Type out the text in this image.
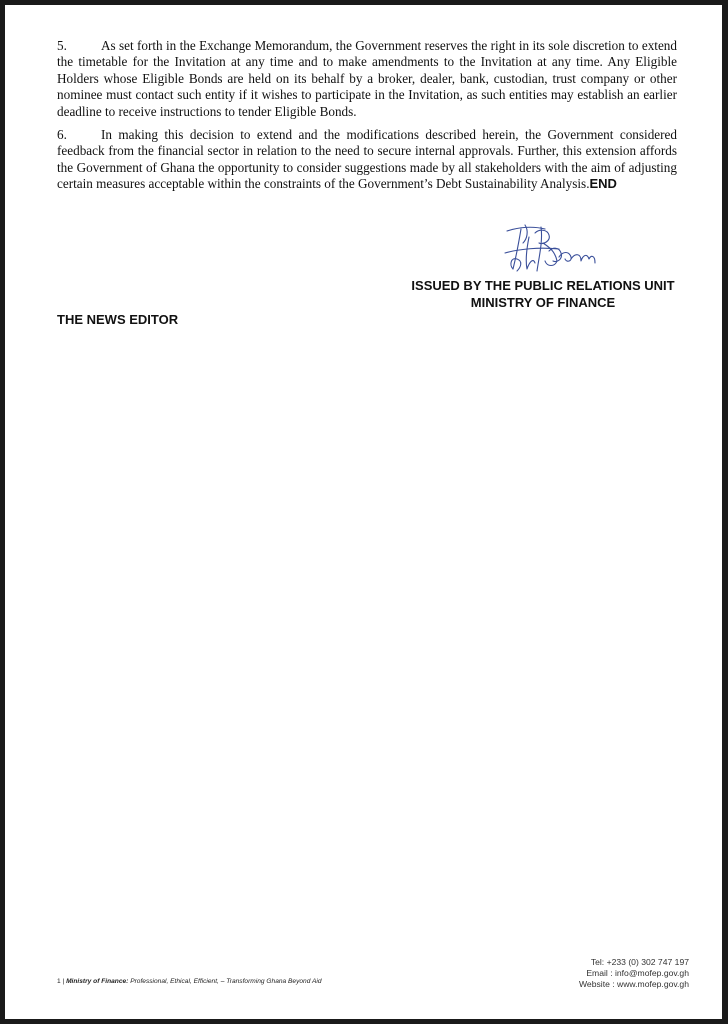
5.	As set forth in the Exchange Memorandum, the Government reserves the right in its sole discretion to extend the timetable for the Invitation at any time and to make amendments to the Invitation at any time. Any Eligible Holders whose Eligible Bonds are held on its behalf by a broker, dealer, bank, custodian, trust company or other nominee must contact such entity if it wishes to participate in the Invitation, as such entities may establish an earlier deadline to receive instructions to tender Eligible Bonds.

6.	In making this decision to extend and the modifications described herein, the Government considered feedback from the financial sector in relation to the need to secure internal approvals. Further, this extension affords the Government of Ghana the opportunity to consider suggestions made by all stakeholders with the aim of adjusting certain measures acceptable within the constraints of the Government’s Debt Sustainability Analysis.END

ISSUED BY THE PUBLIC RELATIONS UNIT
MINISTRY OF FINANCE
THE NEWS EDITOR
1 | Ministry of Finance: Professional, Ethical, Efficient, – Transforming Ghana Beyond Aid
Tel: +233 (0) 302 747 197
Email : info@mofep.gov.gh
Website : www.mofep.gov.gh
